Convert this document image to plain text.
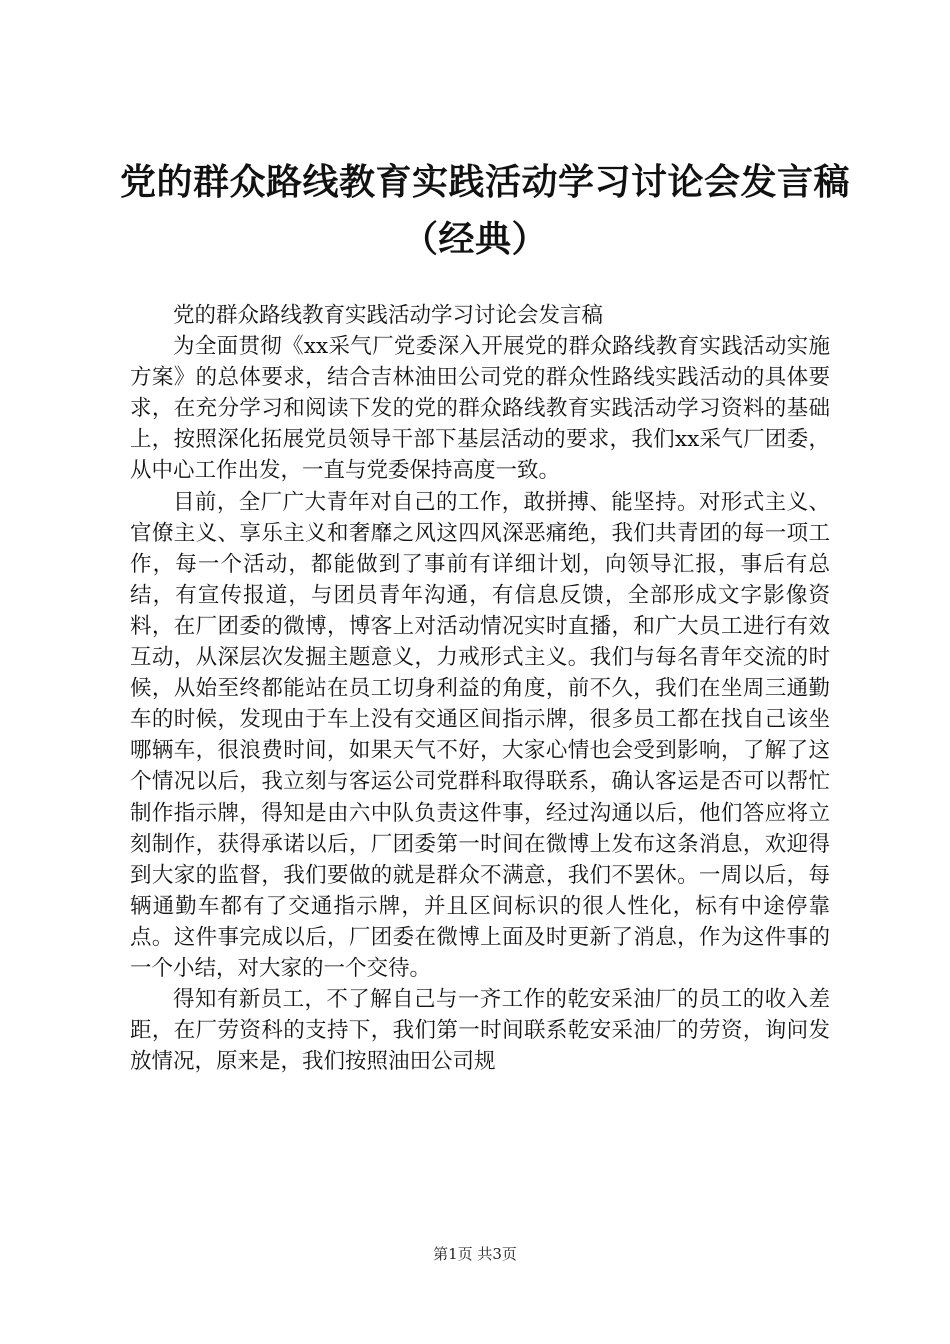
党的群众路线教育实践活动学习讨论会发言稿
（经典）

党的群众路线教育实践活动学习讨论会发言稿

为全面贯彻《xx采气厂党委深入开展党的群众路线教育实践活动实施方案》的总体要求，结合吉林油田公司党的群众性路线实践活动的具体要求，在充分学习和阅读下发的党的群众路线教育实践活动学习资料的基础上，按照深化拓展党员领导干部下基层活动的要求，我们xx采气厂团委，从中心工作出发，一直与党委保持高度一致。

目前，全厂广大青年对自己的工作，敢拼搏、能坚持。对形式主义、官僚主义、享乐主义和奢靡之风这四风深恶痛绝，我们共青团的每一项工作，每一个活动，都能做到了事前有详细计划，向领导汇报，事后有总结，有宣传报道，与团员青年沟通，有信息反馈，全部形成文字影像资料，在厂团委的微博，博客上对活动情况实时直播，和广大员工进行有效互动，从深层次发掘主题意义，力戒形式主义。我们与每名青年交流的时候，从始至终都能站在员工切身利益的角度，前不久，我们在坐周三通勤车的时候，发现由于车上没有交通区间指示牌，很多员工都在找自己该坐哪辆车，很浪费时间，如果天气不好，大家心情也会受到影响，了解了这个情况以后，我立刻与客运公司党群科取得联系，确认客运是否可以帮忙制作指示牌，得知是由六中队负责这件事，经过沟通以后，他们答应将立刻制作，获得承诺以后，厂团委第一时间在微博上发布这条消息，欢迎得到大家的监督，我们要做的就是群众不满意，我们不罢休。一周以后，每辆通勤车都有了交通指示牌，并且区间标识的很人性化，标有中途停靠点。这件事完成以后，厂团委在微博上面及时更新了消息，作为这件事的一个小结，对大家的一个交待。

得知有新员工，不了解自己与一齐工作的乾安采油厂的员工的收入差距，在厂劳资科的支持下，我们第一时间联系乾安采油厂的劳资，询问发放情况，原来是，我们按照油田公司规

第1页 共3页
